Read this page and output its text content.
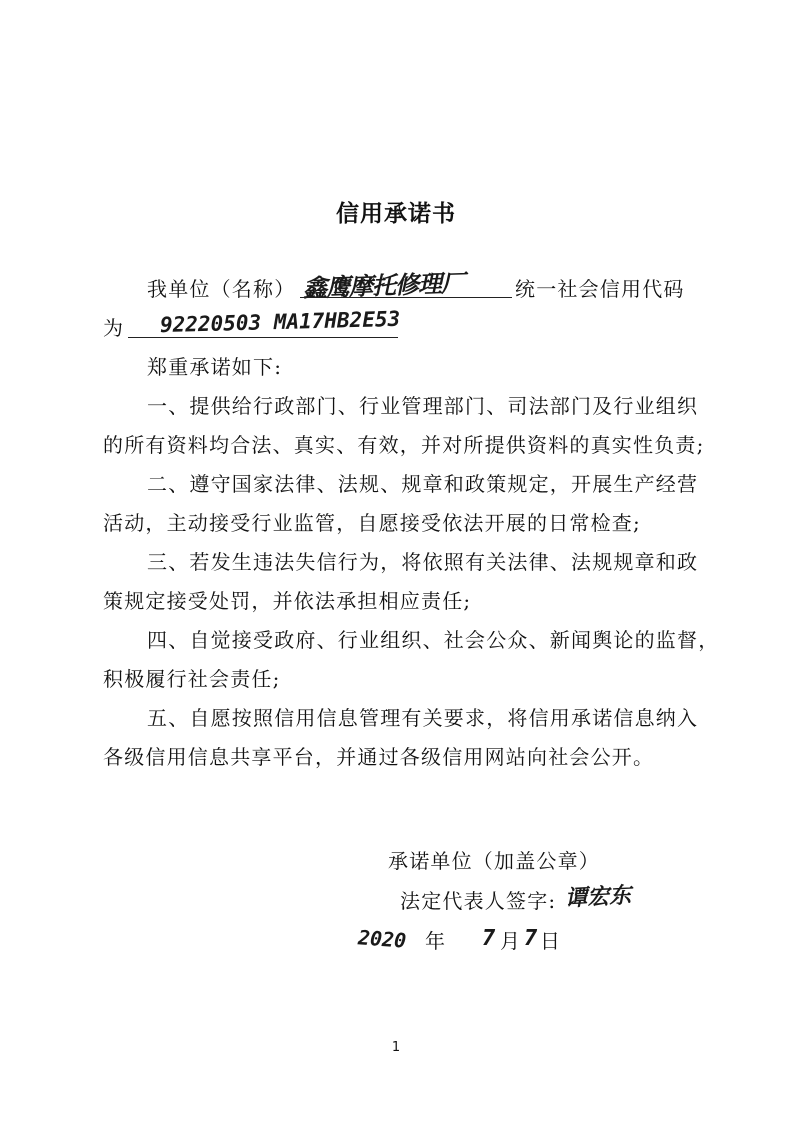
信用承诺书
我单位（名称） 鑫鹰摩托修理厂	统一社会信用代码
为 92220503 MA17HB2E53
郑重承诺如下:
一、提供给行政部门、行业管理部门、司法部门及行业组织
的所有资料均合法、真实、有效，并对所提供资料的真实性负责;
二、遵守国家法律、法规、规章和政策规定，开展生产经营
活动，主动接受行业监管，自愿接受依法开展的日常检查;
三、若发生违法失信行为，将依照有关法律、法规规章和政
策规定接受处罚，并依法承担相应责任;
四、自觉接受政府、行业组织、社会公众、新闻舆论的监督，
积极履行社会责任;
五、自愿按照信用信息管理有关要求，将信用承诺信息纳入
各级信用信息共享平台，并通过各级信用网站向社会公开。
承诺单位（加盖公章）
法定代表人签字: 谭宏东
2020 年 7 月 7 日
1
